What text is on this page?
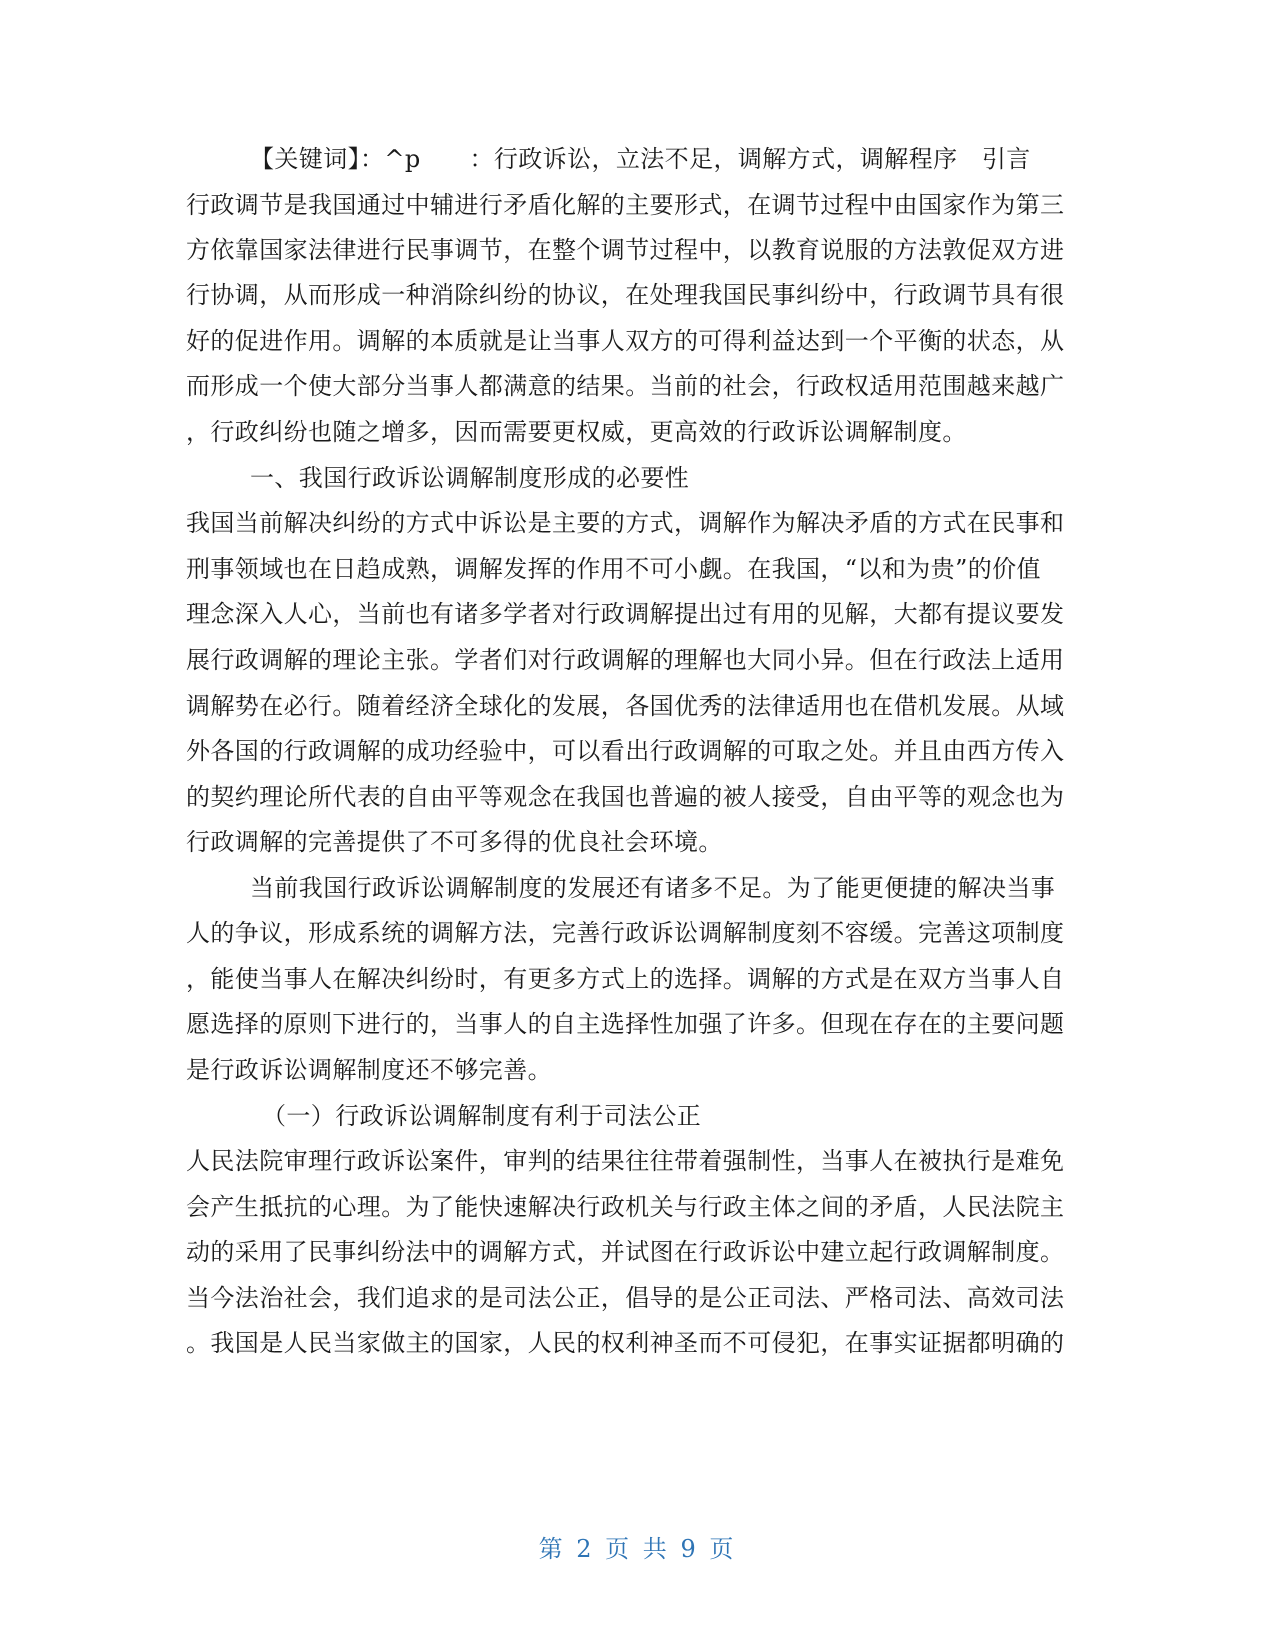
【关键词】：^p　　：行政诉讼，立法不足，调解方式，调解程序　引言
行政调节是我国通过中辅进行矛盾化解的主要形式，在调节过程中由国家作为第三
方依靠国家法律进行民事调节，在整个调节过程中，以教育说服的方法敦促双方进
行协调，从而形成一种消除纠纷的协议，在处理我国民事纠纷中，行政调节具有很
好的促进作用。调解的本质就是让当事人双方的可得利益达到一个平衡的状态，从
而形成一个使大部分当事人都满意的结果。当前的社会，行政权适用范围越来越广
，行政纠纷也随之增多，因而需要更权威，更高效的行政诉讼调解制度。
一、我国行政诉讼调解制度形成的必要性
我国当前解决纠纷的方式中诉讼是主要的方式，调解作为解决矛盾的方式在民事和
刑事领域也在日趋成熟，调解发挥的作用不可小觑。在我国，“以和为贵”的价值
理念深入人心，当前也有诸多学者对行政调解提出过有用的见解，大都有提议要发
展行政调解的理论主张。学者们对行政调解的理解也大同小异。但在行政法上适用
调解势在必行。随着经济全球化的发展，各国优秀的法律适用也在借机发展。从域
外各国的行政调解的成功经验中，可以看出行政调解的可取之处。并且由西方传入
的契约理论所代表的自由平等观念在我国也普遍的被人接受，自由平等的观念也为
行政调解的完善提供了不可多得的优良社会环境。
当前我国行政诉讼调解制度的发展还有诸多不足。为了能更便捷的解决当事
人的争议，形成系统的调解方法，完善行政诉讼调解制度刻不容缓。完善这项制度
，能使当事人在解决纠纷时，有更多方式上的选择。调解的方式是在双方当事人自
愿选择的原则下进行的，当事人的自主选择性加强了许多。但现在存在的主要问题
是行政诉讼调解制度还不够完善。
（一）行政诉讼调解制度有利于司法公正
人民法院审理行政诉讼案件，审判的结果往往带着强制性，当事人在被执行是难免
会产生抵抗的心理。为了能快速解决行政机关与行政主体之间的矛盾，人民法院主
动的采用了民事纠纷法中的调解方式，并试图在行政诉讼中建立起行政调解制度。
当今法治社会，我们追求的是司法公正，倡导的是公正司法、严格司法、高效司法
。我国是人民当家做主的国家，人民的权利神圣而不可侵犯，在事实证据都明确的
第 2 页 共 9 页
